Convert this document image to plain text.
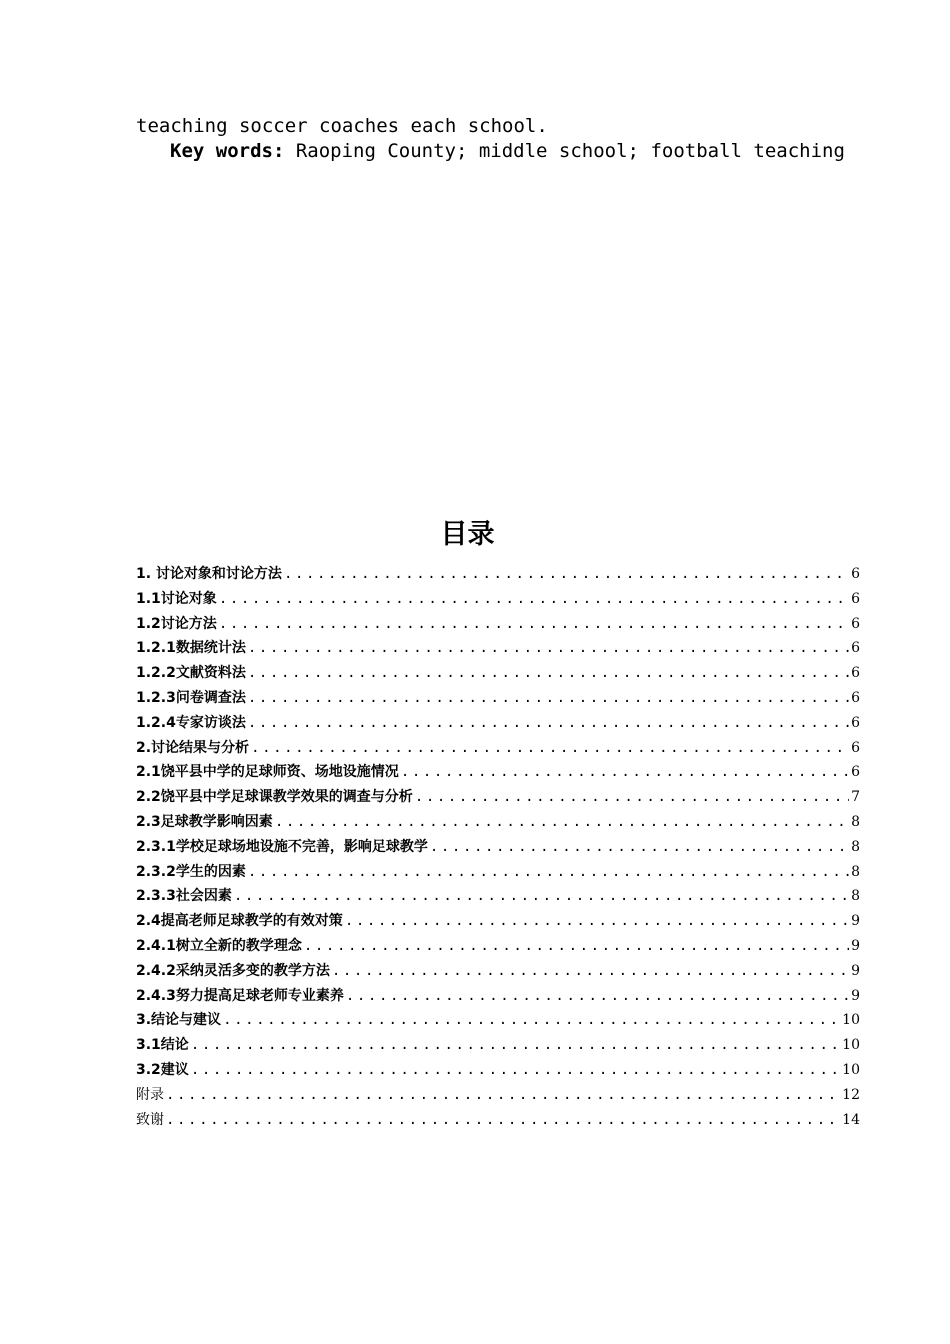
teaching soccer coaches each school.
Key words: Raoping County; middle school; football teaching
目录
1. 讨论对象和讨论方法 .....	6
1.1讨论对象 .....	6
1.2讨论方法 .....	6
1.2.1数据统计法 .....	6
1.2.2文献资料法 .....	6
1.2.3问卷调查法 .....	6
1.2.4专家访谈法 .....	6
2.讨论结果与分析 .....	6
2.1饶平县中学的足球师资、场地设施情况 .....	6
2.2饶平县中学足球课教学效果的调查与分析 .....	7
2.3足球教学影响因素 .....	8
2.3.1学校足球场地设施不完善，影响足球教学 .....	8
2.3.2学生的因素 .....	8
2.3.3社会因素 .....	8
2.4提高老师足球教学的有效对策 .....	9
2.4.1树立全新的教学理念 .....	9
2.4.2采纳灵活多变的教学方法 .....	9
2.4.3努力提高足球老师专业素养 .....	9
3.结论与建议 .....	10
3.1结论 .....	10
3.2建议 .....	10
附录 .....	12
致谢 .....	14
